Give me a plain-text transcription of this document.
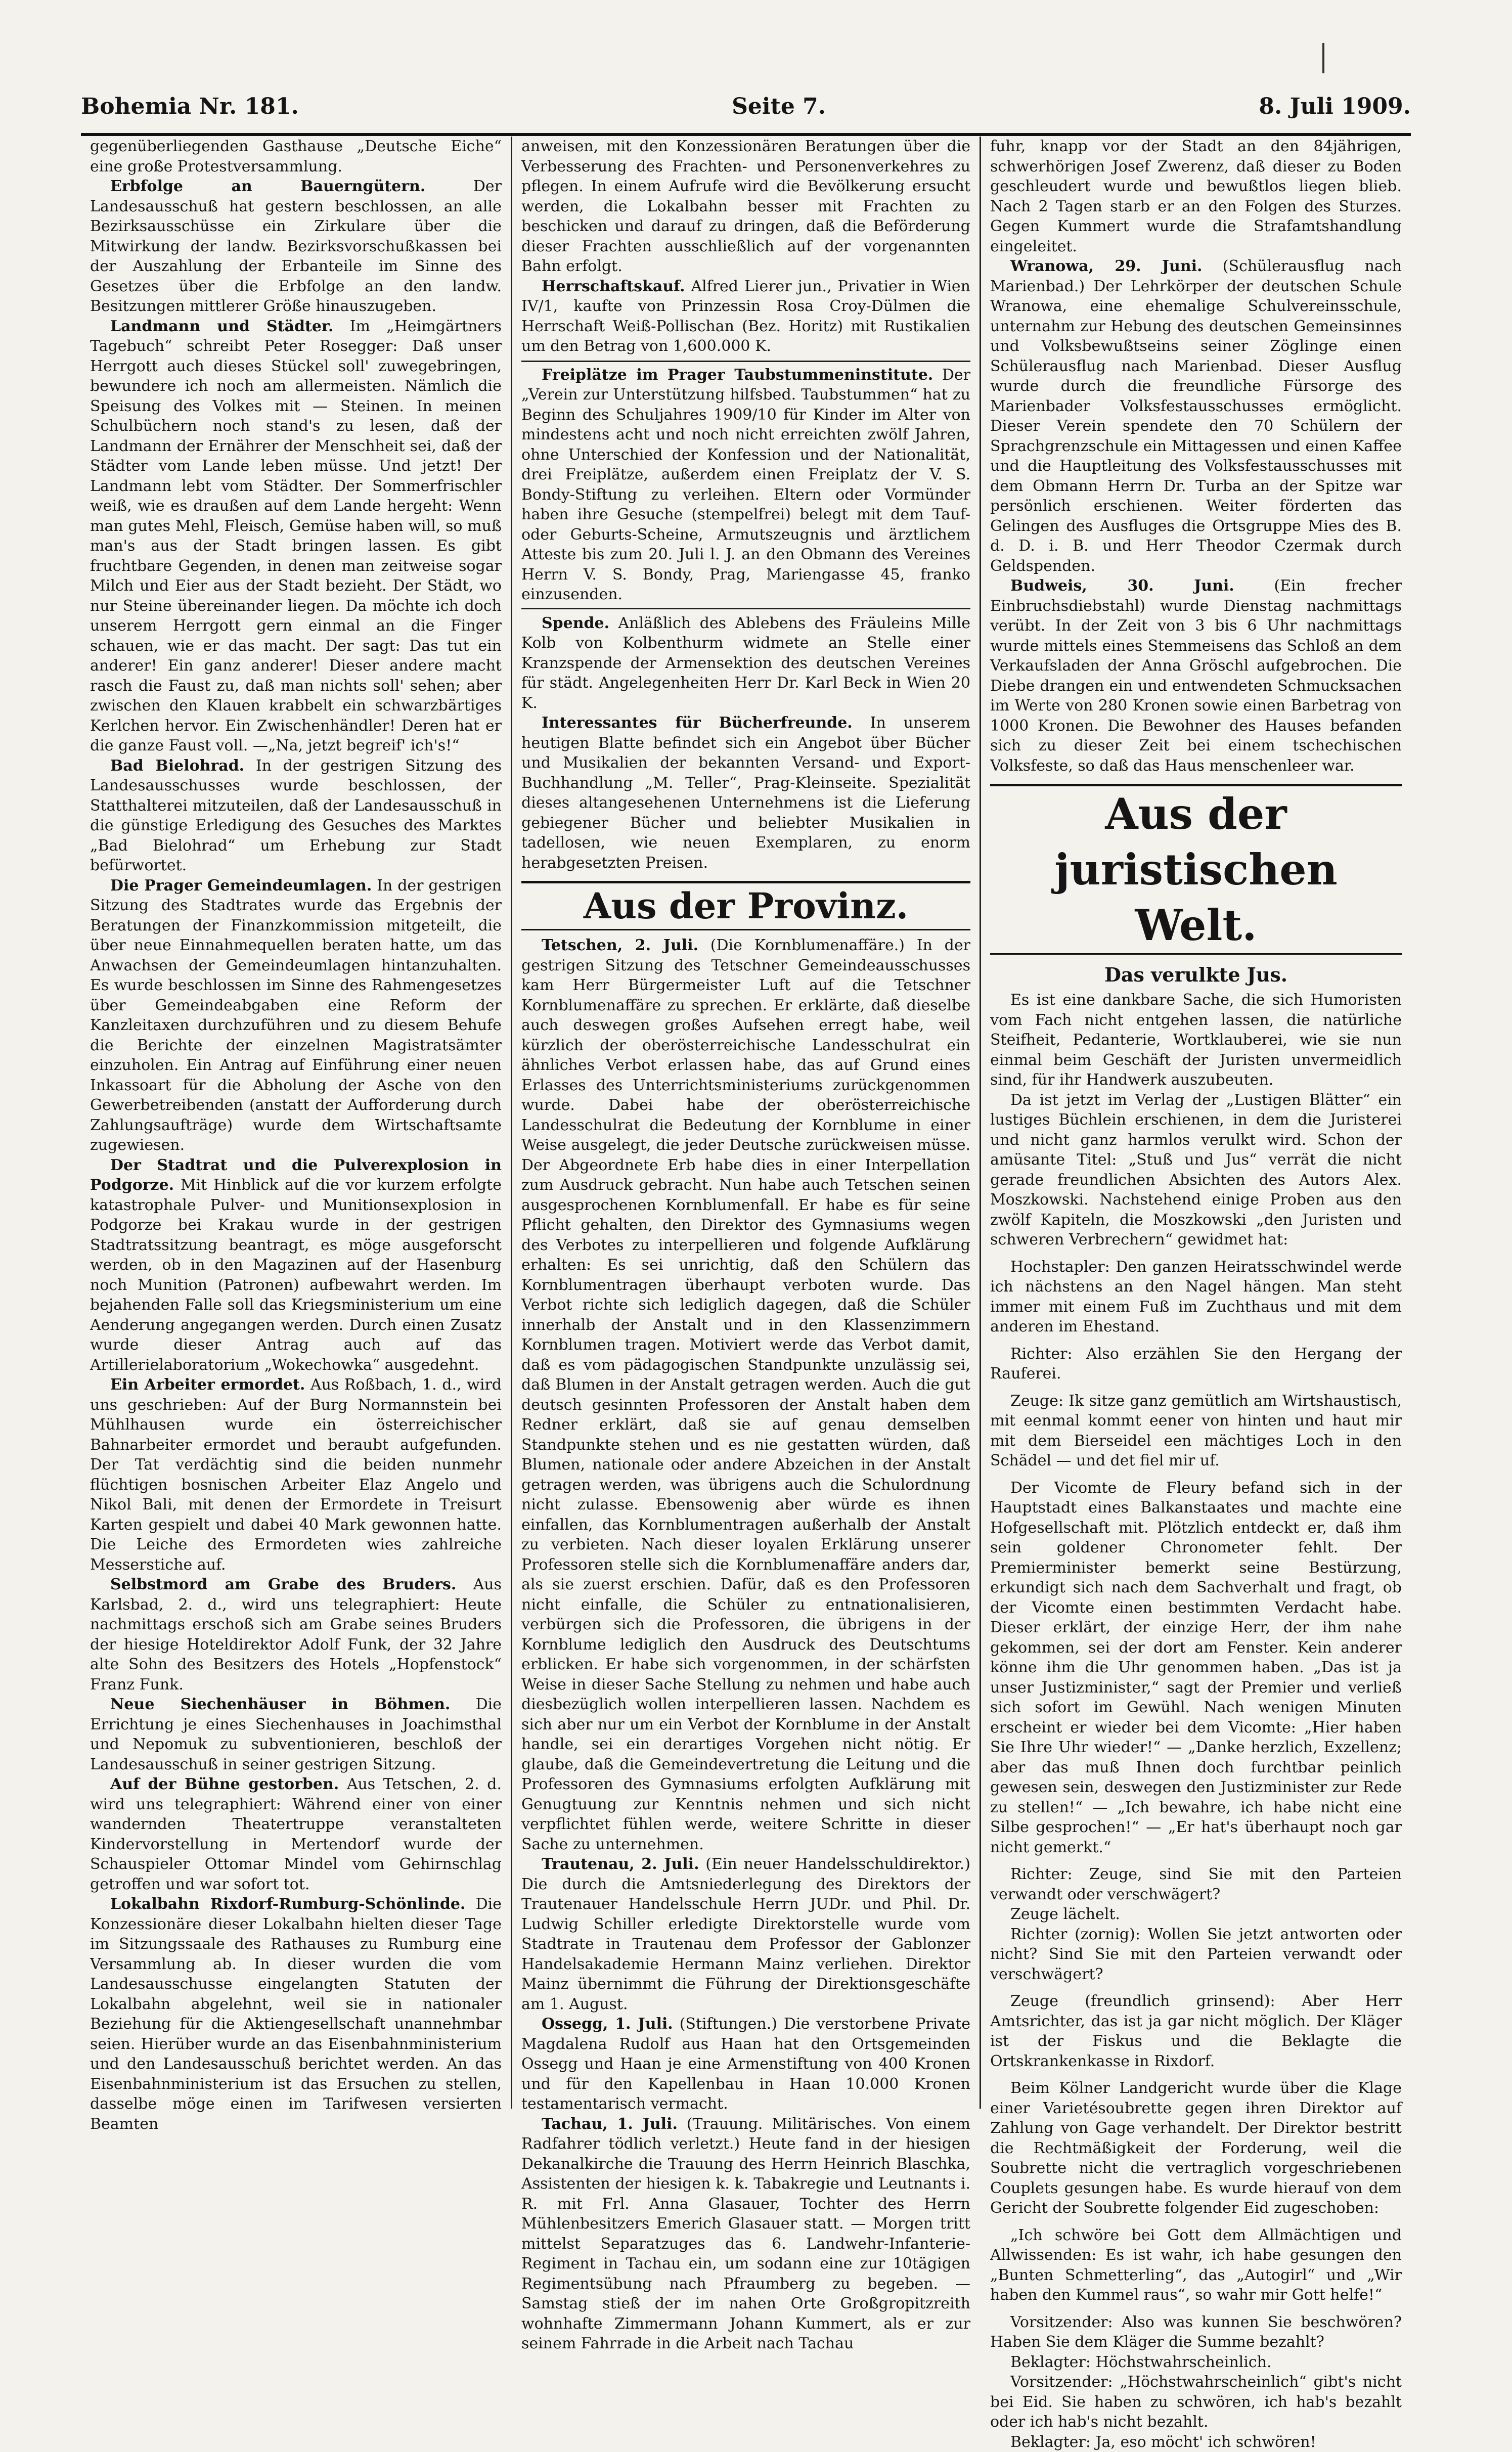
Bohemia Nr. 181.	Seite 7.	8. Juli 1909.

gegenüberliegenden Gasthause „Deutsche Eiche“ eine große Protestversammlung.

Erbfolge an Bauerngütern. Der Landesausschuß hat gestern beschlossen, an alle Bezirksausschüsse ein Zirkulare über die Mitwirkung der landw. Bezirksvorschußkassen bei der Auszahlung der Erbanteile im Sinne des Gesetzes über die Erbfolge an den landw. Besitzungen mittlerer Größe hinauszugeben.

Landmann und Städter. Im „Heimgärtners Tagebuch“ schreibt Peter Rosegger: Daß unser Herrgott auch dieses Stückel soll' zuwegebringen, bewundere ich noch am allermeisten. Nämlich die Speisung des Volkes mit — Steinen. In meinen Schulbüchern noch stand's zu lesen, daß der Landmann der Ernährer der Menschheit sei, daß der Städter vom Lande leben müsse. Und jetzt! Der Landmann lebt vom Städter. Der Sommerfrischler weiß, wie es draußen auf dem Lande hergeht: Wenn man gutes Mehl, Fleisch, Gemüse haben will, so muß man's aus der Stadt bringen lassen. Es gibt fruchtbare Gegenden, in denen man zeitweise sogar Milch und Eier aus der Stadt bezieht. Der Städt, wo nur Steine übereinander liegen. Da möchte ich doch unserem Herrgott gern einmal an die Finger schauen, wie er das macht. Der sagt: Das tut ein anderer! Ein ganz anderer! Dieser andere macht rasch die Faust zu, daß man nichts soll' sehen; aber zwischen den Klauen krabbelt ein schwarzbärtiges Kerlchen hervor. Ein Zwischenhändler! Deren hat er die ganze Faust voll. —„Na, jetzt begreif' ich's!“

Bad Bielohrad. In der gestrigen Sitzung des Landesausschusses wurde beschlossen, der Statthalterei mitzuteilen, daß der Landesausschuß in die günstige Erledigung des Gesuches des Marktes „Bad Bielohrad“ um Erhebung zur Stadt befürwortet.

Die Prager Gemeindeumlagen. In der gestrigen Sitzung des Stadtrates wurde das Ergebnis der Beratungen der Finanzkommission mitgeteilt, die über neue Einnahmequellen beraten hatte, um das Anwachsen der Gemeindeumlagen hintanzuhalten. Es wurde beschlossen im Sinne des Rahmengesetzes über Gemeindeabgaben eine Reform der Kanzleitaxen durchzuführen und zu diesem Behufe die Berichte der einzelnen Magistratsämter einzuholen. Ein Antrag auf Einführung einer neuen Inkassoart für die Abholung der Asche von den Gewerbetreibenden (anstatt der Aufforderung durch Zahlungsaufträge) wurde dem Wirtschaftsamte zugewiesen.

Der Stadtrat und die Pulverexplosion in Podgorze. Mit Hinblick auf die vor kurzem erfolgte katastrophale Pulver- und Munitionsexplosion in Podgorze bei Krakau wurde in der gestrigen Stadtratssitzung beantragt, es möge ausgeforscht werden, ob in den Magazinen auf der Hasenburg noch Munition (Patronen) aufbewahrt werden. Im bejahenden Falle soll das Kriegsministerium um eine Aenderung angegangen werden. Durch einen Zusatz wurde dieser Antrag auch auf das Artillerielaboratorium „Wokechowka“ ausgedehnt.

Ein Arbeiter ermordet. Aus Roßbach, 1. d., wird uns geschrieben: Auf der Burg Normannstein bei Mühlhausen wurde ein österreichischer Bahnarbeiter ermordet und beraubt aufgefunden. Der Tat verdächtig sind die beiden nunmehr flüchtigen bosnischen Arbeiter Elaz Angelo und Nikol Bali, mit denen der Ermordete in Treisurt Karten gespielt und dabei 40 Mark gewonnen hatte. Die Leiche des Ermordeten wies zahlreiche Messerstiche auf.

Selbstmord am Grabe des Bruders. Aus Karlsbad, 2. d., wird uns telegraphiert: Heute nachmittags erschoß sich am Grabe seines Bruders der hiesige Hoteldirektor Adolf Funk, der 32 Jahre alte Sohn des Besitzers des Hotels „Hopfenstock“ Franz Funk.

Neue Siechenhäuser in Böhmen. Die Errichtung je eines Siechenhauses in Joachimsthal und Nepomuk zu subventionieren, beschloß der Landesausschuß in seiner gestrigen Sitzung.

Auf der Bühne gestorben. Aus Tetschen, 2. d. wird uns telegraphiert: Während einer von einer wandernden Theatertruppe veranstalteten Kindervorstellung in Mertendorf wurde der Schauspieler Ottomar Mindel vom Gehirnschlag getroffen und war sofort tot.

Lokalbahn Rixdorf-Rumburg-Schönlinde. Die Konzessionäre dieser Lokalbahn hielten dieser Tage im Sitzungssaale des Rathauses zu Rumburg eine Versammlung ab. In dieser wurden die vom Landesausschusse eingelangten Statuten der Lokalbahn abgelehnt, weil sie in nationaler Beziehung für die Aktiengesellschaft unannehmbar seien. Hierüber wurde an das Eisenbahnministerium und den Landesausschuß berichtet werden. An das Eisenbahnministerium ist das Ersuchen zu stellen, dasselbe möge einen im Tarifwesen versierten Beamten

anweisen, mit den Konzessionären Beratungen über die Verbesserung des Frachten- und Personenverkehres zu pflegen. In einem Aufrufe wird die Bevölkerung ersucht werden, die Lokalbahn besser mit Frachten zu beschicken und darauf zu dringen, daß die Beförderung dieser Frachten ausschließlich auf der vorgenannten Bahn erfolgt.

Herrschaftskauf. Alfred Lierer jun., Privatier in Wien IV/1, kaufte von Prinzessin Rosa Croy-Dülmen die Herrschaft Weiß-Pollischan (Bez. Horitz) mit Rustikalien um den Betrag von 1,600.000 K.

Freiplätze im Prager Taubstummeninstitute. Der „Verein zur Unterstützung hilfsbed. Taubstummen“ hat zu Beginn des Schuljahres 1909/10 für Kinder im Alter von mindestens acht und noch nicht erreichten zwölf Jahren, ohne Unterschied der Konfession und der Nationalität, drei Freiplätze, außerdem einen Freiplatz der V. S. Bondy-Stiftung zu verleihen. Eltern oder Vormünder haben ihre Gesuche (stempelfrei) belegt mit dem Tauf- oder Geburts-Scheine, Armutszeugnis und ärztlichem Atteste bis zum 20. Juli l. J. an den Obmann des Vereines Herrn V. S. Bondy, Prag, Mariengasse 45, franko einzusenden.

Spende. Anläßlich des Ablebens des Fräuleins Mille Kolb von Kolbenthurm widmete an Stelle einer Kranzspende der Armensektion des deutschen Vereines für städt. Angelegenheiten Herr Dr. Karl Beck in Wien 20 K.

Interessantes für Bücherfreunde. In unserem heutigen Blatte befindet sich ein Angebot über Bücher und Musikalien der bekannten Versand- und Export-Buchhandlung „M. Teller“, Prag-Kleinseite. Spezialität dieses altangesehenen Unternehmens ist die Lieferung gebiegener Bücher und beliebter Musikalien in tadellosen, wie neuen Exemplaren, zu enorm herabgesetzten Preisen.

Aus der Provinz.

Tetschen, 2. Juli. (Die Kornblumenaffäre.) In der gestrigen Sitzung des Tetschner Gemeindeausschusses kam Herr Bürgermeister Luft auf die Tetschner Kornblumenaffäre zu sprechen. Er erklärte, daß dieselbe auch deswegen großes Aufsehen erregt habe, weil kürzlich der oberösterreichische Landesschulrat ein ähnliches Verbot erlassen habe, das auf Grund eines Erlasses des Unterrichtsministeriums zurückgenommen wurde. Dabei habe der oberösterreichische Landesschulrat die Bedeutung der Kornblume in einer Weise ausgelegt, die jeder Deutsche zurückweisen müsse. Der Abgeordnete Erb habe dies in einer Interpellation zum Ausdruck gebracht. Nun habe auch Tetschen seinen ausgesprochenen Kornblumenfall. Er habe es für seine Pflicht gehalten, den Direktor des Gymnasiums wegen des Verbotes zu interpellieren und folgende Aufklärung erhalten: Es sei unrichtig, daß den Schülern das Kornblumentragen überhaupt verboten wurde. Das Verbot richte sich lediglich dagegen, daß die Schüler innerhalb der Anstalt und in den Klassenzimmern Kornblumen tragen. Motiviert werde das Verbot damit, daß es vom pädagogischen Standpunkte unzulässig sei, daß Blumen in der Anstalt getragen werden. Auch die gut deutsch gesinnten Professoren der Anstalt haben dem Redner erklärt, daß sie auf genau demselben Standpunkte stehen und es nie gestatten würden, daß Blumen, nationale oder andere Abzeichen in der Anstalt getragen werden, was übrigens auch die Schulordnung nicht zulasse. Ebensowenig aber würde es ihnen einfallen, das Kornblumentragen außerhalb der Anstalt zu verbieten. Nach dieser loyalen Erklärung unserer Professoren stelle sich die Kornblumenaffäre anders dar, als sie zuerst erschien. Dafür, daß es den Professoren nicht einfalle, die Schüler zu entnationalisieren, verbürgen sich die Professoren, die übrigens in der Kornblume lediglich den Ausdruck des Deutschtums erblicken. Er habe sich vorgenommen, in der schärfsten Weise in dieser Sache Stellung zu nehmen und habe auch diesbezüglich wollen interpellieren lassen. Nachdem es sich aber nur um ein Verbot der Kornblume in der Anstalt handle, sei ein derartiges Vorgehen nicht nötig. Er glaube, daß die Gemeindevertretung die Leitung und die Professoren des Gymnasiums erfolgten Aufklärung mit Genugtuung zur Kenntnis nehmen und sich nicht verpflichtet fühlen werde, weitere Schritte in dieser Sache zu unternehmen.

Trautenau, 2. Juli. (Ein neuer Handelsschuldirektor.) Die durch die Amtsniederlegung des Direktors der Trautenauer Handelsschule Herrn JUDr. und Phil. Dr. Ludwig Schiller erledigte Direktorstelle wurde vom Stadtrate in Trautenau dem Professor der Gablonzer Handelsakademie Hermann Mainz verliehen. Direktor Mainz übernimmt die Führung der Direktionsgeschäfte am 1. August.

Ossegg, 1. Juli. (Stiftungen.) Die verstorbene Private Magdalena Rudolf aus Haan hat den Ortsgemeinden Ossegg und Haan je eine Armenstiftung von 400 Kronen und für den Kapellenbau in Haan 10.000 Kronen testamentarisch vermacht.

Tachau, 1. Juli. (Trauung. Militärisches. Von einem Radfahrer tödlich verletzt.) Heute fand in der hiesigen Dekanalkirche die Trauung des Herrn Heinrich Blaschka, Assistenten der hiesigen k. k. Tabakregie und Leutnants i. R. mit Frl. Anna Glasauer, Tochter des Herrn Mühlenbesitzers Emerich Glasauer statt. — Morgen tritt mittelst Separatzuges das 6. Landwehr-Infanterie-Regiment in Tachau ein, um sodann eine zur 10tägigen Regimentsübung nach Pfraumberg zu begeben. — Samstag stieß der im nahen Orte Großgropitzreith wohnhafte Zimmermann Johann Kummert, als er zur seinem Fahrrade in die Arbeit nach Tachau

fuhr, knapp vor der Stadt an den 84jährigen, schwerhörigen Josef Zwerenz, daß dieser zu Boden geschleudert wurde und bewußtlos liegen blieb. Nach 2 Tagen starb er an den Folgen des Sturzes. Gegen Kummert wurde die Strafamtshandlung eingeleitet.

Wranowa, 29. Juni. (Schülerausflug nach Marienbad.) Der Lehrkörper der deutschen Schule Wranowa, eine ehemalige Schulvereinsschule, unternahm zur Hebung des deutschen Gemeinsinnes und Volksbewußtseins seiner Zöglinge einen Schülerausflug nach Marienbad. Dieser Ausflug wurde durch die freundliche Fürsorge des Marienbader Volksfestausschusses ermöglicht. Dieser Verein spendete den 70 Schülern der Sprachgrenzschule ein Mittagessen und einen Kaffee und die Hauptleitung des Volksfestausschusses mit dem Obmann Herrn Dr. Turba an der Spitze war persönlich erschienen. Weiter förderten das Gelingen des Ausfluges die Ortsgruppe Mies des B. d. D. i. B. und Herr Theodor Czermak durch Geldspenden.

Budweis, 30. Juni. (Ein frecher Einbruchsdiebstahl) wurde Dienstag nachmittags verübt. In der Zeit von 3 bis 6 Uhr nachmittags wurde mittels eines Stemmeisens das Schloß an dem Verkaufsladen der Anna Gröschl aufgebrochen. Die Diebe drangen ein und entwendeten Schmucksachen im Werte von 280 Kronen sowie einen Barbetrag von 1000 Kronen. Die Bewohner des Hauses befanden sich zu dieser Zeit bei einem tschechischen Volksfeste, so daß das Haus menschenleer war.

Aus der juristischen Welt.
Das verulkte Jus.

Es ist eine dankbare Sache, die sich Humoristen vom Fach nicht entgehen lassen, die natürliche Steifheit, Pedanterie, Wortklauberei, wie sie nun einmal beim Geschäft der Juristen unvermeidlich sind, für ihr Handwerk auszubeuten.

Da ist jetzt im Verlag der „Lustigen Blätter“ ein lustiges Büchlein erschienen, in dem die Juristerei und nicht ganz harmlos verulkt wird. Schon der amüsante Titel: „Stuß und Jus“ verrät die nicht gerade freundlichen Absichten des Autors Alex. Moszkowski. Nachstehend einige Proben aus den zwölf Kapiteln, die Moszkowski „den Juristen und schweren Verbrechern“ gewidmet hat:

Hochstapler: Den ganzen Heiratsschwindel werde ich nächstens an den Nagel hängen. Man steht immer mit einem Fuß im Zuchthaus und mit dem anderen im Ehestand.

Richter: Also erzählen Sie den Hergang der Rauferei.

Zeuge: Ik sitze ganz gemütlich am Wirtshaustisch, mit eenmal kommt eener von hinten und haut mir mit dem Bierseidel een mächtiges Loch in den Schädel — und det fiel mir uf.

Der Vicomte de Fleury befand sich in der Hauptstadt eines Balkanstaates und machte eine Hofgesellschaft mit. Plötzlich entdeckt er, daß ihm sein goldener Chronometer fehlt. Der Premierminister bemerkt seine Bestürzung, erkundigt sich nach dem Sachverhalt und fragt, ob der Vicomte einen bestimmten Verdacht habe. Dieser erklärt, der einzige Herr, der ihm nahe gekommen, sei der dort am Fenster. Kein anderer könne ihm die Uhr genommen haben. „Das ist ja unser Justizminister,“ sagt der Premier und verließ sich sofort im Gewühl. Nach wenigen Minuten erscheint er wieder bei dem Vicomte: „Hier haben Sie Ihre Uhr wieder!“ — „Danke herzlich, Exzellenz; aber das muß Ihnen doch furchtbar peinlich gewesen sein, deswegen den Justizminister zur Rede zu stellen!“ — „Ich bewahre, ich habe nicht eine Silbe gesprochen!“ — „Er hat's überhaupt noch gar nicht gemerkt.“

Richter: Zeuge, sind Sie mit den Parteien verwandt oder verschwägert?

Zeuge lächelt.

Richter (zornig): Wollen Sie jetzt antworten oder nicht? Sind Sie mit den Parteien verwandt oder verschwägert?

Zeuge (freundlich grinsend): Aber Herr Amtsrichter, das ist ja gar nicht möglich. Der Kläger ist der Fiskus und die Beklagte die Ortskrankenkasse in Rixdorf.

Beim Kölner Landgericht wurde über die Klage einer Varietésoubrette gegen ihren Direktor auf Zahlung von Gage verhandelt. Der Direktor bestritt die Rechtmäßigkeit der Forderung, weil die Soubrette nicht die vertraglich vorgeschriebenen Couplets gesungen habe. Es wurde hierauf von dem Gericht der Soubrette folgender Eid zugeschoben:

„Ich schwöre bei Gott dem Allmächtigen und Allwissenden: Es ist wahr, ich habe gesungen den „Bunten Schmetterling“, das „Autogirl“ und „Wir haben den Kummel raus“, so wahr mir Gott helfe!“

Vorsitzender: Also was kunnen Sie beschwören? Haben Sie dem Kläger die Summe bezahlt?

Beklagter: Höchstwahrscheinlich.

Vorsitzender: „Höchstwahrscheinlich“ gibt's nicht bei Eid. Sie haben zu schwören, ich hab's bezahlt oder ich hab's nicht bezahlt.

Beklagter: Ja, eso möcht' ich schwören!
